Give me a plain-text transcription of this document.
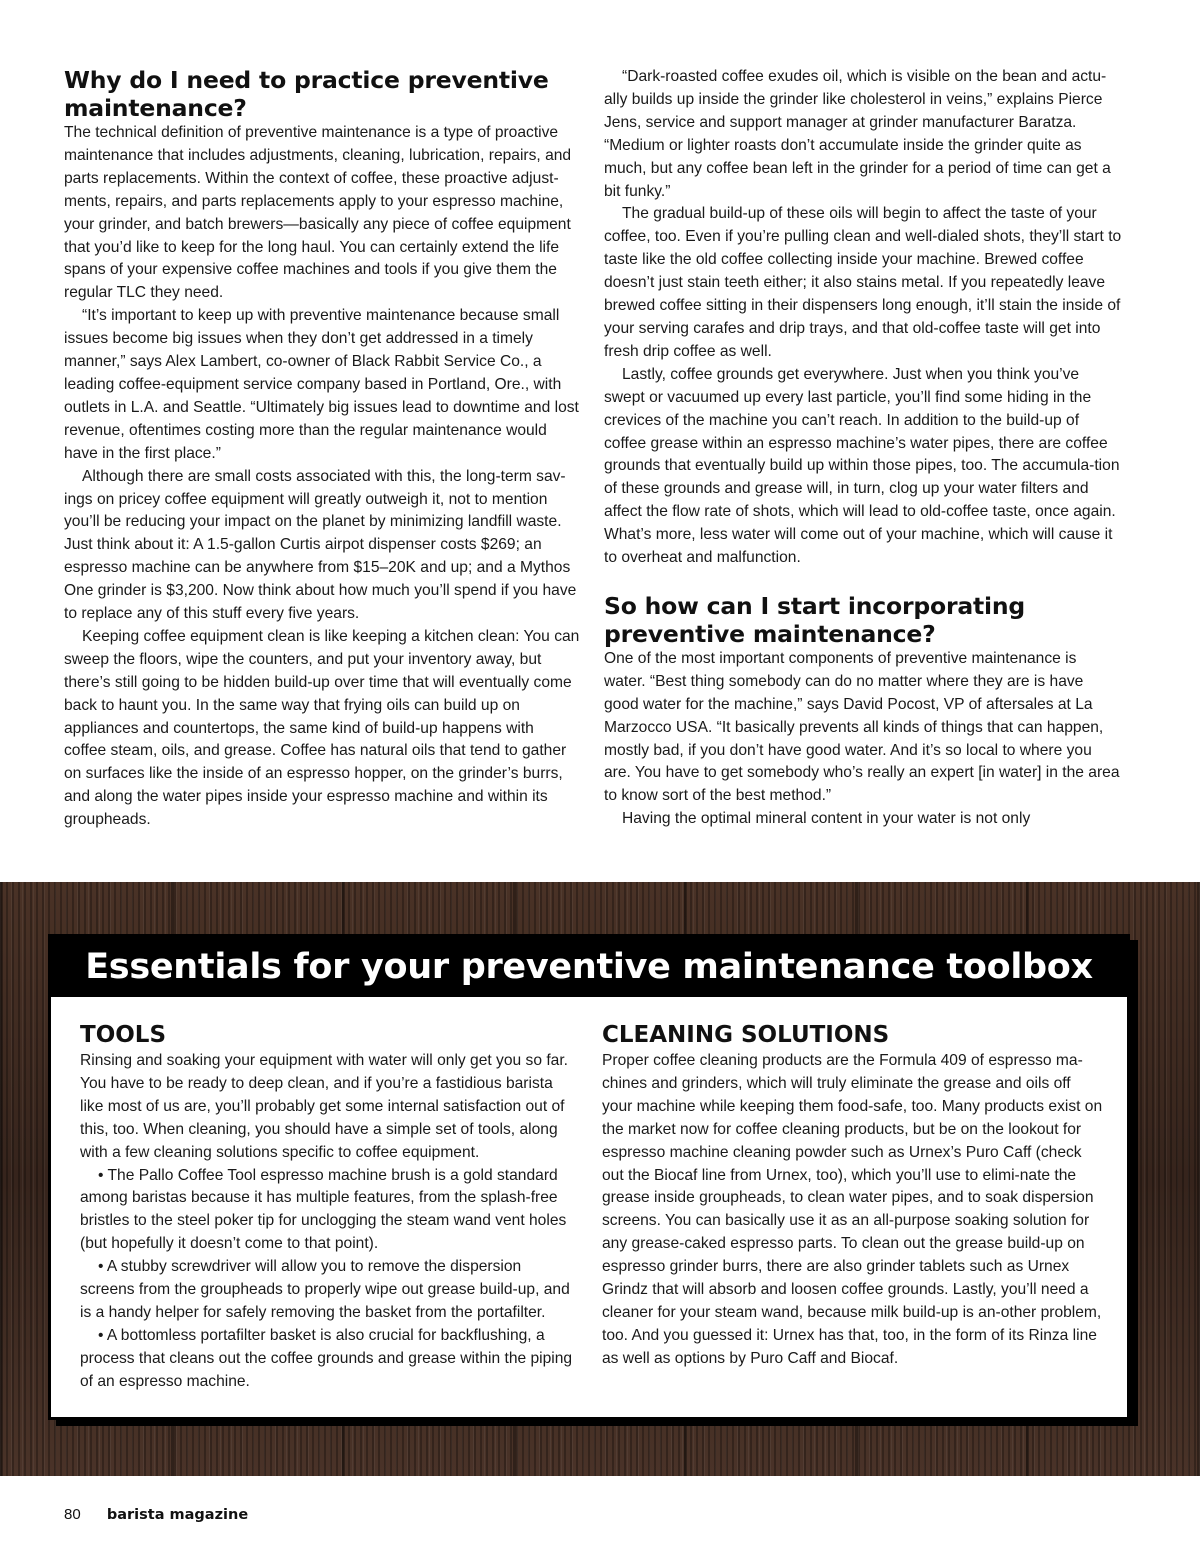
Why do I need to practice preventive maintenance?

The technical definition of preventive maintenance is a type of proactive maintenance that includes adjustments, cleaning, lubrication, repairs, and parts replacements. Within the context of coffee, these proactive adjust-ments, repairs, and parts replacements apply to your espresso machine, your grinder, and batch brewers—basically any piece of coffee equipment that you’d like to keep for the long haul. You can certainly extend the life spans of your expensive coffee machines and tools if you give them the regular TLC they need.

“It’s important to keep up with preventive maintenance because small issues become big issues when they don’t get addressed in a timely manner,” says Alex Lambert, co-owner of Black Rabbit Service Co., a leading coffee-equipment service company based in Portland, Ore., with outlets in L.A. and Seattle. “Ultimately big issues lead to downtime and lost revenue, oftentimes costing more than the regular maintenance would have in the first place.”

Although there are small costs associated with this, the long-term sav-ings on pricey coffee equipment will greatly outweigh it, not to mention you’ll be reducing your impact on the planet by minimizing landfill waste. Just think about it: A 1.5-gallon Curtis airpot dispenser costs $269; an espresso machine can be anywhere from $15–20K and up; and a Mythos One grinder is $3,200. Now think about how much you’ll spend if you have to replace any of this stuff every five years.

Keeping coffee equipment clean is like keeping a kitchen clean: You can sweep the floors, wipe the counters, and put your inventory away, but there’s still going to be hidden build-up over time that will eventually come back to haunt you. In the same way that frying oils can build up on appliances and countertops, the same kind of build-up happens with coffee steam, oils, and grease. Coffee has natural oils that tend to gather on surfaces like the inside of an espresso hopper, on the grinder’s burrs, and along the water pipes inside your espresso machine and within its groupheads.

“Dark-roasted coffee exudes oil, which is visible on the bean and actu-ally builds up inside the grinder like cholesterol in veins,” explains Pierce Jens, service and support manager at grinder manufacturer Baratza. “Medium or lighter roasts don’t accumulate inside the grinder quite as much, but any coffee bean left in the grinder for a period of time can get a bit funky.”

The gradual build-up of these oils will begin to affect the taste of your coffee, too. Even if you’re pulling clean and well-dialed shots, they’ll start to taste like the old coffee collecting inside your machine. Brewed coffee doesn’t just stain teeth either; it also stains metal. If you repeatedly leave brewed coffee sitting in their dispensers long enough, it’ll stain the inside of your serving carafes and drip trays, and that old-coffee taste will get into fresh drip coffee as well.

Lastly, coffee grounds get everywhere. Just when you think you’ve swept or vacuumed up every last particle, you’ll find some hiding in the crevices of the machine you can’t reach. In addition to the build-up of coffee grease within an espresso machine’s water pipes, there are coffee grounds that eventually build up within those pipes, too. The accumula-tion of these grounds and grease will, in turn, clog up your water filters and affect the flow rate of shots, which will lead to old-coffee taste, once again. What’s more, less water will come out of your machine, which will cause it to overheat and malfunction.

So how can I start incorporating preventive maintenance?

One of the most important components of preventive maintenance is water. “Best thing somebody can do no matter where they are is have good water for the machine,” says David Pocost, VP of aftersales at La Marzocco USA. “It basically prevents all kinds of things that can happen, mostly bad, if you don’t have good water. And it’s so local to where you are. You have to get somebody who’s really an expert [in water] in the area to know sort of the best method.”

Having the optimal mineral content in your water is not only

Essentials for your preventive maintenance toolbox
TOOLS

Rinsing and soaking your equipment with water will only get you so far. You have to be ready to deep clean, and if you’re a fastidious barista like most of us are, you’ll probably get some internal satisfaction out of this, too. When cleaning, you should have a simple set of tools, along with a few cleaning solutions specific to coffee equipment.

• The Pallo Coffee Tool espresso machine brush is a gold standard among baristas because it has multiple features, from the splash-free bristles to the steel poker tip for unclogging the steam wand vent holes (but hopefully it doesn’t come to that point).

• A stubby screwdriver will allow you to remove the dispersion screens from the groupheads to properly wipe out grease build-up, and is a handy helper for safely removing the basket from the portafilter.

• A bottomless portafilter basket is also crucial for backflushing, a process that cleans out the coffee grounds and grease within the piping of an espresso machine.

CLEANING SOLUTIONS

Proper coffee cleaning products are the Formula 409 of espresso ma-chines and grinders, which will truly eliminate the grease and oils off your machine while keeping them food-safe, too. Many products exist on the market now for coffee cleaning products, but be on the lookout for espresso machine cleaning powder such as Urnex’s Puro Caff (check out the Biocaf line from Urnex, too), which you’ll use to elimi-nate the grease inside groupheads, to clean water pipes, and to soak dispersion screens. You can basically use it as an all-purpose soaking solution for any grease-caked espresso parts. To clean out the grease build-up on espresso grinder burrs, there are also grinder tablets such as Urnex Grindz that will absorb and loosen coffee grounds. Lastly, you’ll need a cleaner for your steam wand, because milk build-up is an-other problem, too. And you guessed it: Urnex has that, too, in the form of its Rinza line as well as options by Puro Caff and Biocaf.

80 barista magazine
